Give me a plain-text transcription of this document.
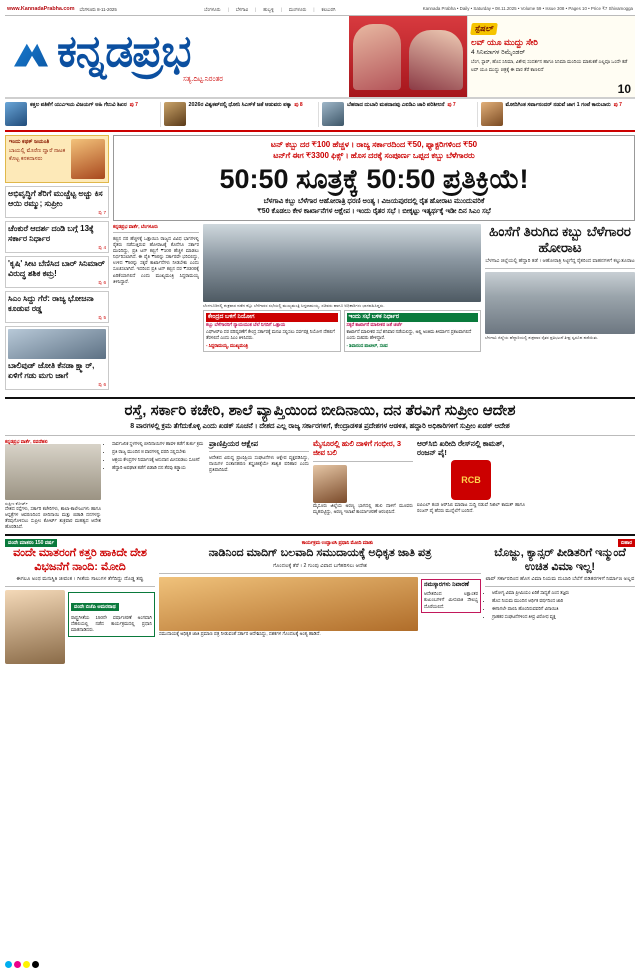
www.KannadaPrabha.com ಬೆಂಗಳೂರು 8-11-2025	ಬೆಂಗಳೂರು | ಬೆಳಗಾವಿ | ಹುಬ್ಬಳ್ಳಿ | ಮಂಗಳೂರು | ಕಲಬುರಗಿ	Kannada Prabha • Daily • Saturday • 08.11.2025 • Volume 59 • Issue 308 • Pages 10 • Price ₹7 Shivamogga
ಕನ್ನಡಪ್ರಭ
ಸತ್ಯ.ದಿಟ್ಟ.ನಿರಂತರ
ಸ್ಪೆಷಲ್
ಲವ್ ಯೂ ಮುದ್ದು ಸೇರಿ
4 ಸಿನಿಮಾಗಳ ರಿಮೈಂಡರ್
ಬೆಂಗ, ಸ್ಟಾರ್, ಹೊಸ ಸಿನಿಮಾ, ವಿಶೇಷ ಸಂದರ್ಶನ ಹಾಗೂ ಸಿನಿಮಾ ಮಂದಿಯ ಮಾತುಕತೆ ಎಲ್ಲವೂ ಒಂದೇ ಕಡೆ
ಲವ್ ಯೂ ಮುದ್ದು ಚಿತ್ರಕ್ಕೆ ಈ ವಾರ ತೆರೆ ಕಾಣಲಿದೆ
10
ಕತ್ತಲ ಪತಿಕೆಗೆ ಯುಎಇಯ ವಿಜಯಗ್ ಅಹಿ ಗೆಲುವಿ ಶಿಖರ ಪು 7	2026ರ ವಿಶ್ವಕಪ್‌ನಲ್ಲಿ ಧೋನಿ ಸಿಎಸ್‌ಕೆ ಜತೆ ಆಡುವರು ಪಕ್ಕಾ ಪು 8	ಬೆಹರಾದ ದುಬಾರಿ ಮತದಾನವು ಎಐಡಿಎ ಜಾರಿ ಪರಿಶೀಲನೆ ಪು 7	ಮೋದಿಗಿಂತ ಸರ್ವಾನಂದರ್ ನಡುವೆ ಜಾಗ 1 ಗಂಟೆ ಕಾರುಬಾರು ಪು 7
ಇಂದು ಕಥಕ್ ಜಯಂತಿ
ಬಾಯಲ್ಲಿ ಮೊರೆಣ ದ್ವಾರೆ ನಾಟಕ ಕೊಟ್ಟ ಕನಕದಾಸರು
ಅಭಿವೃದ್ಧಿಗೆ ತೆರಿಗೆ ಮುಚ್ಚೆಟ್ಟ ಅಚ್ಚು ಕಿಸ ಆಯಿ ರಮ್ಮು; ಸುಪ್ರೀಂ
ಪು 7
ಚೆಂಕುರೆ ಆದರ್ಶ ದಂಡಿ ಬಗ್ಗೆ 13ಕ್ಕೆ ಸರ್ಕಾರ ನಿರ್ಧಾರ
ಪು 4
'ಕೃಷಿ' ಸೀಟ ಬೆಣಿಸಿದ ಬಾರ್ ಸಿನಿಮಾರ್ ವಿರುದ್ಧ ಶಶಿಕ ಕಮ್ರ!
ಪು 6
ಸಿಎಂ ಸಿದ್ದು ಗೆರೆ: ರಾಜ್ಯ ಭೋಜನಾ ಕೂಡುವ ರಡ್ಡ
ಪು 5
ಬಾಲಿವುಡ್ ಜೋತಿ ಕೆನಡಾ ಕ್ಷ್ಮಾರ್, ಏಳಿಗೆ ಗಡು ಮಗು ಜಾಗೆ
ಪು 6
ಟನ್ ಕಬ್ಬು ದರ ₹100 ಹೆಚ್ಚಳ । ರಾಜ್ಯ ಸರ್ಕಾರದಿಂದ ₹50, ಫ್ಯಾಕ್ಟರಿಗಳಿಂದ ₹50
ಟನ್‌ಗೆ ಈಗ ₹3300 ಫಿಕ್ಸ್ । ಹೊಸ ದರಕ್ಕೆ ಸಂಪೂರ್ಣ ಒಪ್ಪದ ಕಬ್ಬು ಬೆಳೆಗಾರರು
50:50 ಸೂತ್ರಕ್ಕೆ 50:50 ಪ್ರತಿಕ್ರಿಯೆ!
ಬೆಳಗಾವಿ ಕಬ್ಬು ಬೆಳೆಗಾರ ಆಹೋರಾತ್ರಿ ಧರಣಿ ಅಂತ್ಯ । ವಿಜಯಪುರದಲ್ಲಿ ರೈತ ಹೋರಾಟ ಮುಂದುವರಿಕೆ
₹50 ಕೊಡಲು ಕೇಳ ಕಾರ್ಖಾನೆಗಳ ಆಕ್ಷೇಪ । ಇಂದು ರೈತರ ಸಭೆ । ಬೀಕ್ಕಟ್ಟು ಇತ್ಯರ್ಥಕ್ಕೆ ಇಡೀ ದಿನ ಸಿಎಂ ಸಭೆ
ಕನ್ನಡಪ್ರಭ ವಾರ್ತೆ, ಬೆಂಗಳೂರು
ಕಬ್ಬಿನ ದರ ಹೆಚ್ಚಳಕ್ಕೆ ಒತ್ತಾಯಿಸಿ ರಾಜ್ಯದ ವಿವಿಧ ಭಾಗಗಳಲ್ಲಿ ರೈತರು ನಡೆಸುತ್ತಿರುವ ಹೋರಾಟಕ್ಕೆ ಕೊನೆಗೂ ಸರ್ಕಾರ ಮಣಿದಿದ್ದು, ಪ್ರತಿ ಟನ್ ಕಬ್ಬಿಗೆ ₹100 ಹೆಚ್ಚಳ ಮಾಡಲು ನಿರ್ಧರಿಸಲಾಗಿದೆ. ಈ ಪೈಕಿ ₹50ನ್ನು ಸರ್ಕಾರವೇ ಭರಿಸಲಿದ್ದು, ಉಳಿದ ₹50ನ್ನು ಸಕ್ಕರೆ ಕಾರ್ಖಾನೆಗಳು ನೀಡಬೇಕು ಎಂದು ಸೂಚಿಸಲಾಗಿದೆ. ಇದರಿಂದ ಪ್ರತಿ ಟನ್ ಕಬ್ಬಿನ ದರ ₹3300ಕ್ಕೆ ಏರಿಕೆಯಾಗಲಿದೆ ಎಂದು ಮುಖ್ಯಮಂತ್ರಿ ಸಿದ್ದರಾಮಯ್ಯ ತಿಳಿಸಿದ್ದಾರೆ.
ಬೆಂಗಳೂರಿನಲ್ಲಿ ಶುಕ್ರವಾರ ನಡೆದ ಕಬ್ಬು ಬೆಳೆಗಾರರ ಸಭೆಯಲ್ಲಿ ಮುಖ್ಯಮಂತ್ರಿ ಸಿದ್ದರಾಮಯ್ಯ, ಸಚಿವರು ಹಾಗೂ ಅಧಿಕಾರಿಗಳು ಭಾಗವಹಿಸಿದ್ದರು.
ಕೇಂದ್ರದ ಬಳಿಗೆ ನಿಯೋಗ
ಕಬ್ಬು ಬೆಳೆಗಾರರಿಗೆ ನ್ಯಾಯಯುತ ಬೆಲೆ ನಿಗದಿಗೆ ಒತ್ತಾಯ

ಎಫ್‌ಆರ್‌ಪಿ ದರ ಪರಿಷ್ಕರಣೆಗೆ ಕೇಂದ್ರ ಸರ್ಕಾರಕ್ಕೆ ಮನವಿ ಸಲ್ಲಿಸಲು ಸರ್ವಪಕ್ಷ ನಿಯೋಗ ದೆಹಲಿಗೆ ತೆರಳಲಿದೆ ಎಂದು ಸಿಎಂ ತಿಳಿಸಿದರು.

- ಸಿದ್ದರಾಮಯ್ಯ, ಮುಖ್ಯಮಂತ್ರಿ

ಇಂದು ಸಭೆ ಬಳಿಕ ನಿರ್ಧಾರ
ಸಕ್ಕರೆ ಕಾರ್ಖಾನೆ ಮಾಲೀಕರ ಜತೆ ಚರ್ಚೆ

ಕಾರ್ಖಾನೆ ಮಾಲೀಕರ ಸಭೆ ಶನಿವಾರ ನಡೆಯಲಿದ್ದು, ಅಲ್ಲಿ ಅಂತಿಮ ತೀರ್ಮಾನ ಪ್ರಕಟವಾಗಲಿದೆ ಎಂದು ಸಚಿವರು ಹೇಳಿದ್ದಾರೆ.

- ಶಿವಾನಂದ ಪಾಟೀಲ್, ಸಚಿವ

ಹಿಂಸೆಗೆ ತಿರುಗಿದ ಕಬ್ಬು ಬೆಳೆಗಾರರ ಹೋರಾಟ
ಬೆಳಗಾವಿ ಜಿಲ್ಲೆಯಲ್ಲಿ ಹೆದ್ದಾರಿ ತಡೆ । ಆಹೋರಾತ್ರಿ ಸಿಟ್ಟಿಗೆದ್ದ ರೈತರಿಂದ ವಾಹನಗಳಿಗೆ ಕಲ್ಲುತೂರಾಟ
ಬೆಳಗಾವಿ ಜಿಲ್ಲೆಯ ಹೆದ್ದಾರಿಯಲ್ಲಿ ಶುಕ್ರವಾರ ರೈತರ ಪ್ರತಿಭಟನೆ ತೀವ್ರ ಸ್ವರೂಪ ಪಡೆಯಿತು.
ರಸ್ತೆ, ಸರ್ಕಾರಿ ಕಚೇರಿ, ಶಾಲೆ ವ್ಯಾಪ್ತಿಯಿಂದ ಬೀದಿನಾಯಿ, ದನ ತೆರವಿಗೆ ಸುಪ್ರೀಂ ಆದೇಶ
8 ವಾರಗಳಲ್ಲಿ ಕ್ರಮ ತೆಗೆದುಕೊಳ್ಳಿ ಎಂದು ಖಡಕ್ ಸೂಚನೆ । ದೇಶದ ಎಲ್ಲ ರಾಜ್ಯ ಸರ್ಕಾರಗಳಿಗೆ, ಕೇಂದ್ರಾಡಳಿತ ಪ್ರದೇಶಗಳ ಆಡಳಿತ, ಹದ್ದಾರಿ ಅಧಿಕಾರಿಗಳಿಗೆ ಸುಪ್ರೀಂ ಖಡಕ್ ಆದೇಶ
ಕನ್ನಡಪ್ರಭ ವಾರ್ತೆ, ನವದೆಹಲಿ
ಸುಪ್ರೀಂ ಕೋರ್ಟ್
ದೇಶದ ರಸ್ತೆಗಳು, ಸರ್ಕಾರಿ ಕಚೇರಿಗಳು, ಶಾಲಾ-ಕಾಲೇಜುಗಳು ಹಾಗೂ ಆಸ್ಪತ್ರೆಗಳ ಆವರಣದಿಂದ ಬೀದಿನಾಯಿ ಮತ್ತು ಬಿಡಾಡಿ ದನಗಳನ್ನು ತೆರವುಗೊಳಿಸಲು ಸುಪ್ರೀಂ ಕೋರ್ಟ್ ಶುಕ್ರವಾರ ಮಹತ್ವದ ಆದೇಶ ಹೊರಡಿಸಿದೆ.
• ಸಾರ್ವಜನಿಕ ಸ್ಥಳಗಳಲ್ಲಿ ಬೀದಿನಾಯಿಗಳ ಹಾವಳಿ ತಡೆಗೆ ತುರ್ತು ಕ್ರಮ
• ಪ್ರತಿ ರಾಜ್ಯ ಮುಂದಿನ 8 ವಾರಗಳಲ್ಲಿ ವರದಿ ಸಲ್ಲಿಸಬೇಕು
• ಆಶ್ರಯ ಕೇಂದ್ರಗಳ ನಿರ್ಮಾಣಕ್ಕೆ ಅನುದಾನ ಮೀಸಲಿಡಲು ಸೂಚನೆ
• ಹೆದ್ದಾರಿ ಅಪಘಾತ ತಡೆಗೆ ಬಿಡಾಡಿ ದನ ತೆರವು ಕಡ್ಡಾಯ
ಪ್ರಾಣಿಪ್ರಿಯರ ಆಕ್ಷೇಪ
ಆದೇಶದ ವಿರುದ್ಧ ಪ್ರಾಣಿಪ್ರಿಯ ಸಂಘಟನೆಗಳು ಆಕ್ಷೇಪ ವ್ಯಕ್ತಪಡಿಸಿದ್ದು, ನಾಯಿಗಳ ಸಂತಾನಹರಣ ಶಸ್ತ್ರಚಿಕಿತ್ಸೆಯೇ ಶಾಶ್ವತ ಪರಿಹಾರ ಎಂದು ಪ್ರತಿಪಾದಿಸಿವೆ.
ಮೈಸೂರಲ್ಲಿ ಹುಲಿ ದಾಳಿಗೆ ಗಂಭೀರ, 3 ಜೀವ ಬಲಿ
ಮೈಸೂರು ಜಿಲ್ಲೆಯ ಅರಣ್ಯ ಭಾಗದಲ್ಲಿ ಹುಲಿ ದಾಳಿಗೆ ಮೂವರು ಮೃತಪಟ್ಟಿದ್ದು, ಅರಣ್ಯ ಇಲಾಖೆ ಕಾರ್ಯಾಚರಣೆ ಆರಂಭಿಸಿದೆ.
ಆರ್‌ಸಿಬಿ ಖರೀದಿ ರೇಸ್‌ನಲ್ಲಿ ಕಾಮತ್, ರಂಜನ್ ಪೈ!
RCB
ಐಪಿಎಲ್ ತಂಡ ಆರ್‌ಸಿಬಿ ಮಾರಾಟ ಸುದ್ದಿ ನಡುವೆ ನಿಖಿಲ್ ಕಾಮತ್ ಹಾಗೂ ರಂಜನ್ ಪೈ ಹೆಸರು ಮುನ್ನೆಲೆಗೆ ಬಂದಿದೆ.
ವಂದೇ ಮಾತರಂ 150 ವರ್ಷ	ಕಾರ್ಯಕ್ರಮ ಉದ್ಘಾಟಿಸಿ ಪ್ರಧಾನಿ ಮೋದಿ ಮಾತು	ಬಿಹಾರ
ವಂದೇ ಮಾತರಂಗೆ ಕತ್ತರಿ ಹಾಕಿದೇ ದೇಶ ವಿಭಜನೆಗೆ ನಾಂದಿ: ಮೋದಿ
ಈಗಲೂ ಅಂಥ ಮನಃಸ್ಥಿತಿ ಜೀವಂತ । ಗೀತೆಯ ಸಾಲುಗಳ ತೆಗೆದಿದ್ದು ದೊಡ್ಡ ತಪ್ಪು
ವಂದೇ ಬಿಜೆಪಿ ಅಮರನಾಥ
ರಾಷ್ಟ್ರಗೀತೆಯ 150ನೇ ವರ್ಷಾಚರಣೆ ಅಂಗವಾಗಿ ದೆಹಲಿಯಲ್ಲಿ ನಡೆದ ಕಾರ್ಯಕ್ರಮದಲ್ಲಿ ಪ್ರಧಾನಿ ಮಾತನಾಡಿದರು.
ನಾಡಿನಿಂದ ಮಾದಿಗ್ ಬಲವಾದಿ ಸಮುದಾಯಕ್ಕೆ ಅಧಿಕೃತ ಜಾತಿ ಪತ್ರ
ಗೊಂದಲಕ್ಕೆ ತೆರೆ । 2 ಗುಂಪು ವಿವಾದ ಬಗೆಹರಿಸಲು ಆದೇಶ
ಸಮುದಾಯಕ್ಕೆ ಅಧಿಕೃತ ಜಾತಿ ಪ್ರಮಾಣ ಪತ್ರ ನೀಡುವಂತೆ ಸರ್ಕಾರ ಆದೇಶಿಸಿದ್ದು, ದಶಕಗಳ ಗೊಂದಲಕ್ಕೆ ಅಂತ್ಯ ಹಾಡಿದೆ.
ನಮಸ್ಕಾರಗಳು ನಿವಾರಣೆ
ಆದೇಶದಿಂದ ಲಕ್ಷಾಂತರ ಕುಟುಂಬಗಳಿಗೆ ಮೀಸಲಾತಿ ಸೌಲಭ್ಯ ದೊರೆಯಲಿದೆ.
ಬೊಜ್ಜು, ಕ್ಯಾನ್ಸರ್ ಪೀಡಿತರಿಗೆ ಇನ್ಮುಂದೆ ಉಚಿತ ವಿಮಾ ಇಲ್ಲ!
ಟಾಪ್ ಸರ್ಕಾರದಿಂದ ಹೊಸ ವಿಮಾ ನಿಯಮ ದುಬಾರಿ ಬೆಲೆಗೆ ಪಡಿತರಗಳಿಗೆ ನಿರ್ಮಾಣ ಅಲ್ಲವ
• ಆರೋಗ್ಯ ವಿಮಾ ಪ್ರೀಮಿಯಂ ಏರಿಕೆ ಸಾಧ್ಯತೆ ಎಂದ ತಜ್ಞರು
• ಹೊಸ ನಿಯಮ ಮುಂದಿನ ಆರ್ಥಿಕ ವರ್ಷದಿಂದ ಜಾರಿ
• ಈಗಾಗಲೇ ಪಾಲಿಸಿ ಹೊಂದಿರುವವರಿಗೆ ವಿನಾಯಿತಿ
• ಗ್ರಾಹಕರ ಸಂಘಟನೆಗಳಿಂದ ತೀವ್ರ ವಿರೋಧ ವ್ಯಕ್ತ
